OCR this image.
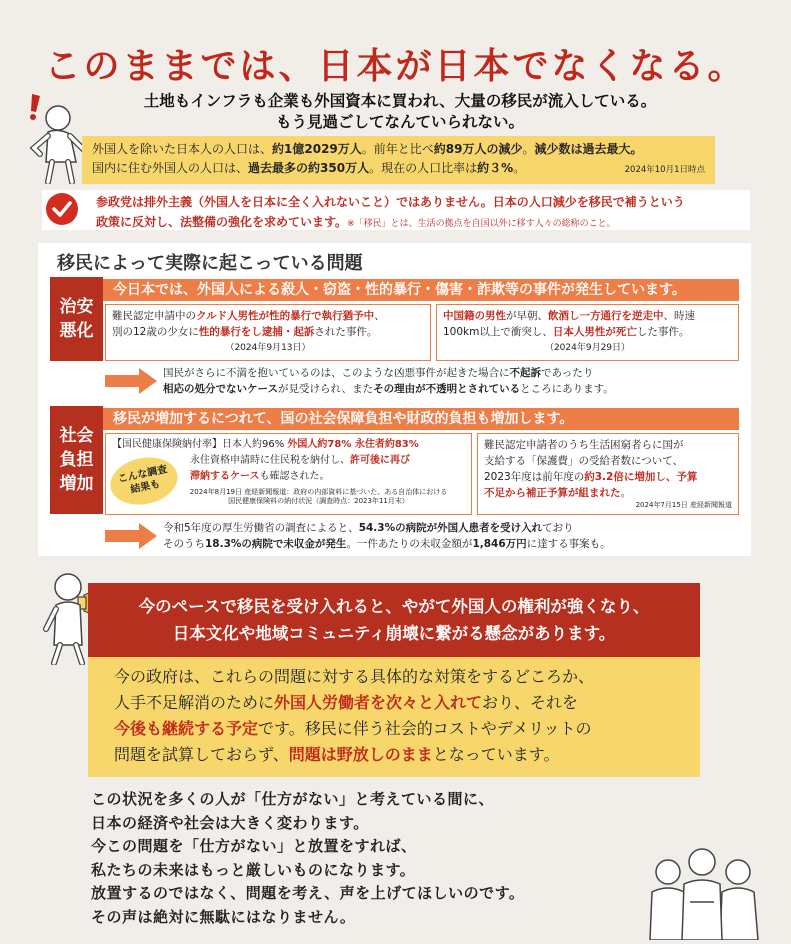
このままでは、日本が日本でなくなる。
土地もインフラも企業も外国資本に買われ、大量の移民が流入している。
もう見過ごしてなんていられない。
外国人を除いた日本人の人口は、約1億2029万人。前年と比べ約89万人の減少。減少数は過去最大。
国内に住む外国人の人口は、過去最多の約350万人。現在の人口比率は約３%。	2024年10月1日時点
参政党は排外主義（外国人を日本に全く入れないこと）ではありません。日本の人口減少を移民で補うという
政策に反対し、法整備の強化を求めています。※「移民」とは、生活の拠点を自国以外に移す人々の総称のこと。
移民によって実際に起こっている問題
治安
悪化
今日本では、外国人による殺人・窃盗・性的暴行・傷害・詐欺等の事件が発生しています。
難民認定申請中のクルド人男性が性的暴行で執行猶予中、
別の12歳の少女に性的暴行をし逮捕・起訴された事件。
（2024年9月13日）
中国籍の男性が早朝、飲酒し一方通行を逆走中、時速
100km以上で衝突し、日本人男性が死亡した事件。
（2024年9月29日）
国民がさらに不満を抱いているのは、このような凶悪事件が起きた場合に不起訴であったり
相応の処分でないケースが見受けられ、またその理由が不透明とされているところにあります。
社会
負担
増加
移民が増加するにつれて、国の社会保障負担や財政的負担も増加します。
【国民健康保険納付率】日本人約96% 外国人約78% 永住者約83%
永住資格申請時に住民税を納付し、許可後に再び
滞納するケースも確認された。
2024年8月19日 産経新聞報道：政府の内部資料に基づいた、ある自治体における
国民健康保険料の納付状況（調査時点：2023年11月末）
こんな調査結果も
難民認定申請者のうち生活困窮者らに国が
支給する「保護費」の受給者数について、
2023年度は前年度の約3.2倍に増加し、予算
不足から補正予算が組まれた。
2024年7月15日 産経新聞報道
令和5年度の厚生労働省の調査によると、54.3%の病院が外国人患者を受け入れており
そのうち18.3%の病院で未収金が発生。一件あたりの未収金額が1,846万円に達する事案も。
今のペースで移民を受け入れると、やがて外国人の権利が強くなり、
日本文化や地域コミュニティ崩壊に繋がる懸念があります。
今の政府は、これらの問題に対する具体的な対策をするどころか、
人手不足解消のために外国人労働者を次々と入れており、それを
今後も継続する予定です。移民に伴う社会的コストやデメリットの
問題を試算しておらず、問題は野放しのままとなっています。
この状況を多くの人が「仕方がない」と考えている間に、
日本の経済や社会は大きく変わります。
今この問題を「仕方がない」と放置をすれば、
私たちの未来はもっと厳しいものになります。
放置するのではなく、問題を考え、声を上げてほしいのです。
その声は絶対に無駄にはなりません。
